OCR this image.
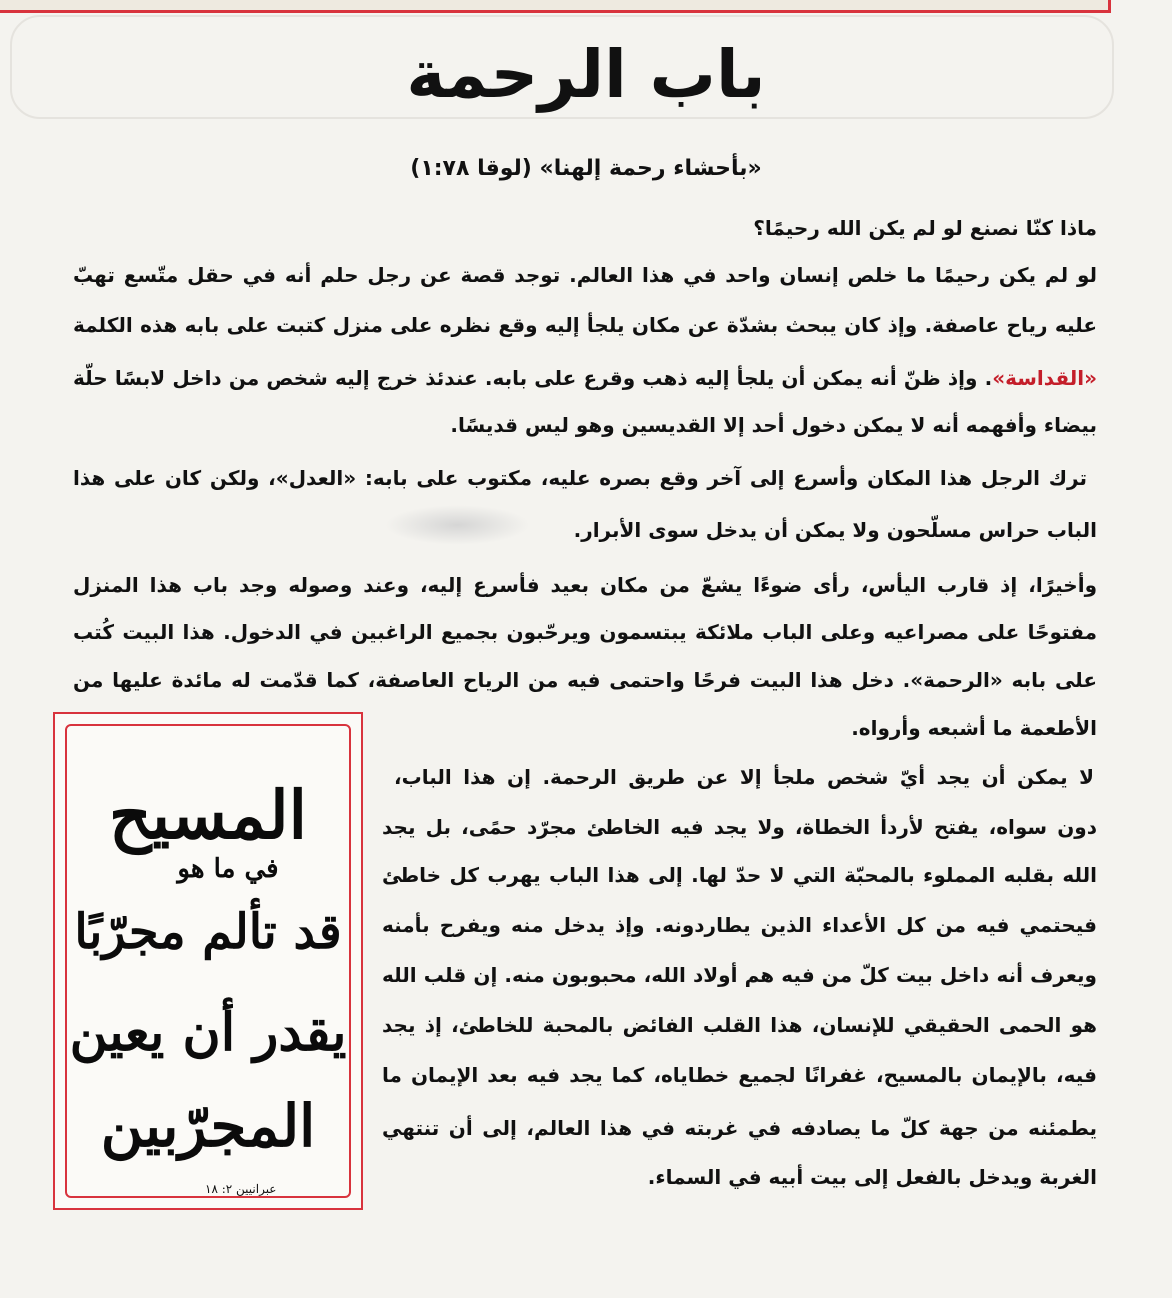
باب الرحمة
«بأحشاء رحمة إلهنا» (لوقا ١:٧٨)
ماذا كنّا نصنع لو لم يكن الله رحيمًا؟
لو لم يكن رحيمًا ما خلص إنسان واحد في هذا العالم. توجد قصة عن رجل حلم أنه في حقل متّسع تهبّ
عليه رياح عاصفة. وإذ كان يبحث بشدّة عن مكان يلجأ إليه وقع نظره على منزل كتبت على بابه هذه الكلمة
«القداسة». وإذ ظنّ أنه يمكن أن يلجأ إليه ذهب وقرع على بابه. عندئذ خرج إليه شخص من داخل لابسًا حلّة
بيضاء وأفهمه أنه لا يمكن دخول أحد إلا القديسين وهو ليس قديسًا.
ترك الرجل هذا المكان وأسرع إلى آخر وقع بصره عليه، مكتوب على بابه: «العدل»، ولكن كان على هذا
الباب حراس مسلّحون ولا يمكن أن يدخل سوى الأبرار.
وأخيرًا، إذ قارب اليأس، رأى ضوءًا يشعّ من مكان بعيد فأسرع إليه، وعند وصوله وجد باب هذا المنزل
مفتوحًا على مصراعيه وعلى الباب ملائكة يبتسمون ويرحّبون بجميع الراغبين في الدخول. هذا البيت كُتب
على بابه «الرحمة». دخل هذا البيت فرحًا واحتمى فيه من الرياح العاصفة، كما قدّمت له مائدة عليها من
الأطعمة ما أشبعه وأرواه.
لا يمكن أن يجد أيّ شخص ملجأ إلا عن طريق الرحمة. إن هذا الباب،
دون سواه، يفتح لأردأ الخطاة، ولا يجد فيه الخاطئ مجرّد حمًى، بل يجد
الله بقلبه المملوء بالمحبّة التي لا حدّ لها. إلى هذا الباب يهرب كل خاطئ
فيحتمي فيه من كل الأعداء الذين يطاردونه. وإذ يدخل منه ويفرح بأمنه
ويعرف أنه داخل بيت كلّ من فيه هم أولاد الله، محبوبون منه. إن قلب الله
هو الحمى الحقيقي للإنسان، هذا القلب الفائض بالمحبة للخاطئ، إذ يجد
فيه، بالإيمان بالمسيح، غفرانًا لجميع خطاياه، كما يجد فيه بعد الإيمان ما
يطمئنه من جهة كلّ ما يصادفه في غربته في هذا العالم، إلى أن تنتهي
الغربة ويدخل بالفعل إلى بيت أبيه في السماء.
المسيح
في ما هو
قد تألم مجرّبًا
يقدر أن يعين
المجرّبين
عبرانيين ٢: ١٨
